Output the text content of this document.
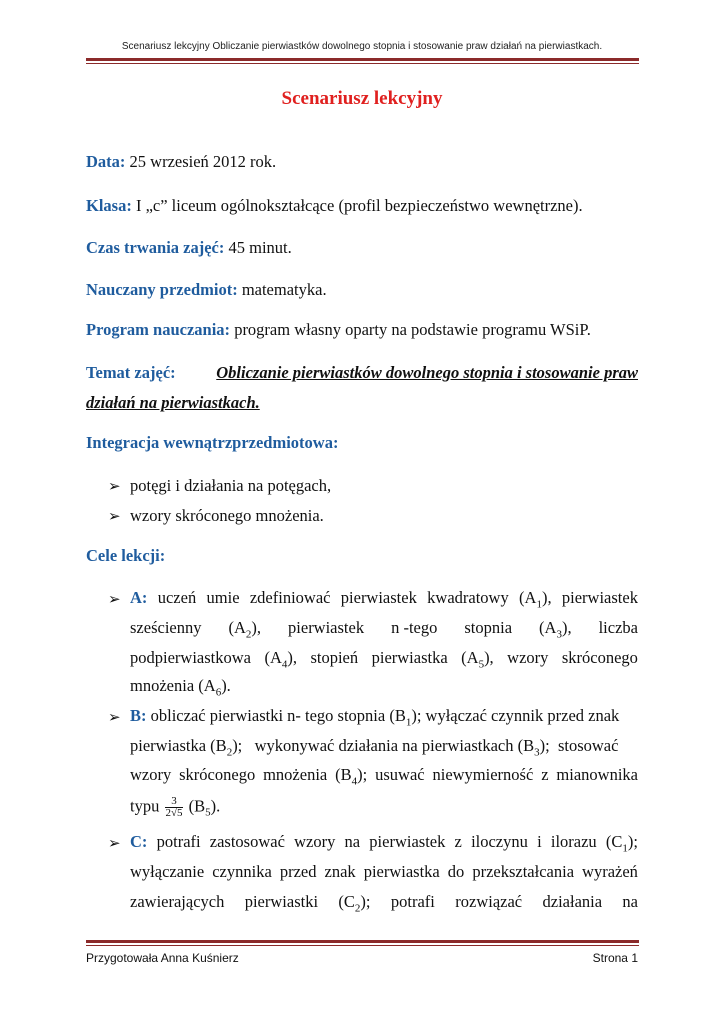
Scenariusz lekcyjny Obliczanie pierwiastków dowolnego stopnia i stosowanie praw działań na pierwiastkach.
Scenariusz lekcyjny
Data: 25 wrzesień 2012 rok.
Klasa: I „c” liceum ogólnokształcące (profil bezpieczeństwo wewnętrzne).
Czas trwania zajęć: 45 minut.
Nauczany przedmiot: matematyka.
Program nauczania: program własny oparty na podstawie programu WSiP.
Temat zajęć: Obliczanie pierwiastków dowolnego stopnia i stosowanie praw
działań na pierwiastkach.
Integracja wewnątrzprzedmiotowa:
➢ potęgi i działania na potęgach,
➢ wzory skróconego mnożenia.
Cele lekcji:
➢ A: uczeń umie zdefiniować pierwiastek kwadratowy $(A_1)$, pierwiastek
sześcienny $(A_2)$, pierwiastek n -tego stopnia $(A_3)$, liczba
podpierwiastkowa $(A_4)$, stopień pierwiastka $(A_5)$, wzory skróconego
mnożenia $(A_6)$.
➢ B: obliczać pierwiastki n- tego stopnia $(B_1)$; wyłączać czynnik przed znak
pierwiastka $(B_2)$;   wykonywać działania na pierwiastkach $(B_3)$;  stosować
wzory skróconego mnożenia $(B_4)$; usuwać niewymierność z mianownika
typu $\frac{3}{2√5} (B_5)$.
➢ C: potrafi zastosować wzory na pierwiastek z iloczynu i ilorazu $(C_1)$;
wyłączanie czynnika przed znak pierwiastka do przekształcania wyrażeń
zawierających pierwiastki $(C_2)$; potrafi rozwiązać działania na
Przygotowała Anna Kuśnierz	Strona 1
